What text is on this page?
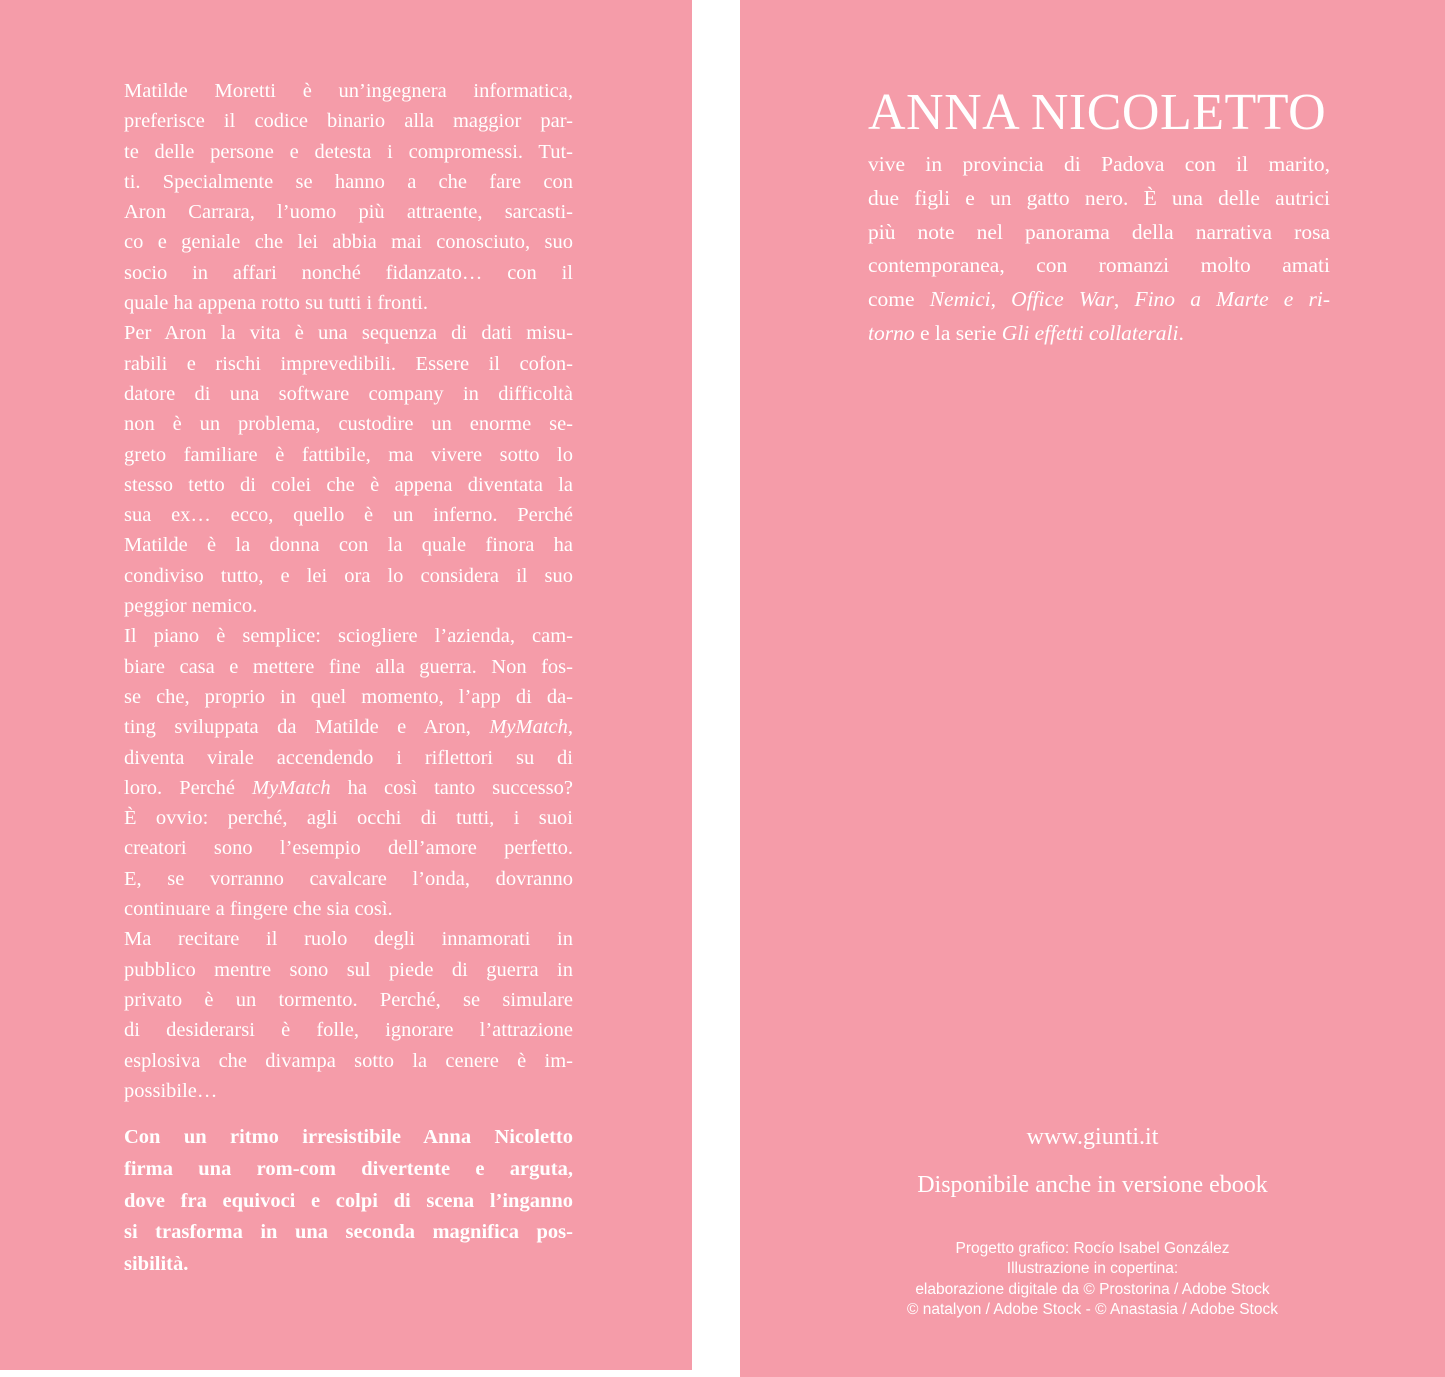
Matilde Moretti è un’ingegnera informatica,
preferisce il codice binario alla maggior par-
te delle persone e detesta i compromessi. Tut-
ti. Specialmente se hanno a che fare con
Aron Carrara, l’uomo più attraente, sarcasti-
co e geniale che lei abbia mai conosciuto, suo
socio in affari nonché fidanzato… con il
quale ha appena rotto su tutti i fronti.
Per Aron la vita è una sequenza di dati misu-
rabili e rischi imprevedibili. Essere il cofon-
datore di una software company in difficoltà
non è un problema, custodire un enorme se-
greto familiare è fattibile, ma vivere sotto lo
stesso tetto di colei che è appena diventata la
sua ex… ecco, quello è un inferno. Perché
Matilde è la donna con la quale finora ha
condiviso tutto, e lei ora lo considera il suo
peggior nemico.
Il piano è semplice: sciogliere l’azienda, cam-
biare casa e mettere fine alla guerra. Non fos-
se che, proprio in quel momento, l’app di da-
ting sviluppata da Matilde e Aron, MyMatch,
diventa virale accendendo i riflettori su di
loro. Perché MyMatch ha così tanto successo?
È ovvio: perché, agli occhi di tutti, i suoi
creatori sono l’esempio dell’amore perfetto.
E, se vorranno cavalcare l’onda, dovranno
continuare a fingere che sia così.
Ma recitare il ruolo degli innamorati in
pubblico mentre sono sul piede di guerra in
privato è un tormento. Perché, se simulare
di desiderarsi è folle, ignorare l’attrazione
esplosiva che divampa sotto la cenere è im-
possibile…
Con un ritmo irresistibile Anna Nicoletto
firma una rom-com divertente e arguta,
dove fra equivoci e colpi di scena l’inganno
si trasforma in una seconda magnifica pos-
sibilità.
ANNA NICOLETTO
vive in provincia di Padova con il marito,
due figli e un gatto nero. È una delle autrici
più note nel panorama della narrativa rosa
contemporanea, con romanzi molto amati
come Nemici, Office War, Fino a Marte e ri-
torno e la serie Gli effetti collaterali.
www.giunti.it
Disponibile anche in versione ebook
Progetto grafico: Rocío Isabel González
Illustrazione in copertina:
elaborazione digitale da © Prostorina / Adobe Stock
© natalyon / Adobe Stock - © Anastasia / Adobe Stock
